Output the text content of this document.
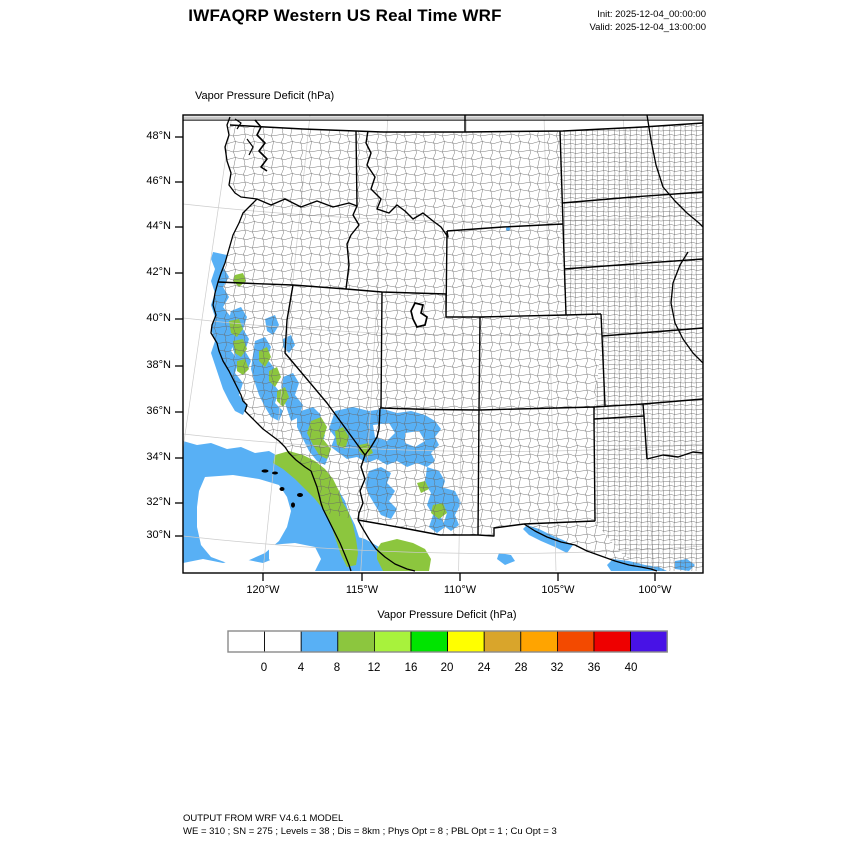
IWFAQRP Western US Real Time WRF	Init: 2025-12-04_00:00:00
Valid: 2025-12-04_13:00:00
Vapor Pressure Deficit (hPa)
48°N
46°N
44°N
42°N
40°N
38°N
36°N
34°N
32°N
30°N
120°W	115°W	110°W	105°W	100°W
Vapor Pressure Deficit (hPa)
0	4	8	12	16	20	24	28	32	36	40
OUTPUT FROM WRF V4.6.1 MODEL
WE = 310 ; SN = 275 ; Levels = 38 ; Dis = 8km ; Phys Opt = 8 ; PBL Opt = 1 ; Cu Opt = 3
